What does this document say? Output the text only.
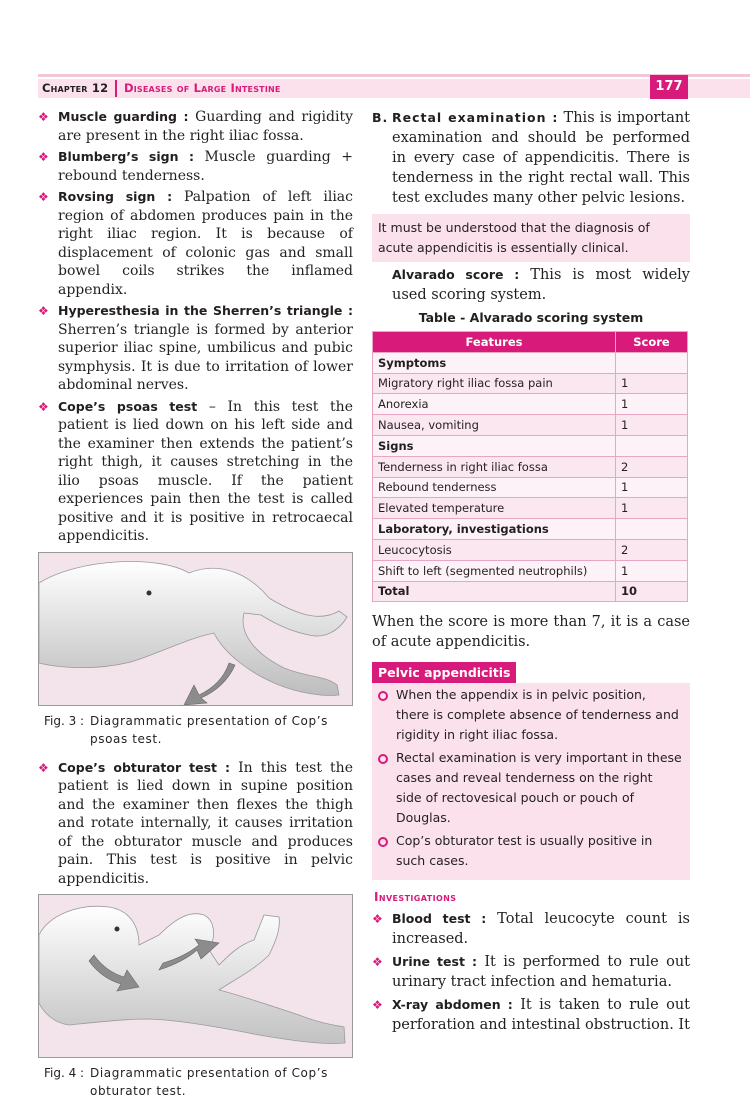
Chapter 12 Diseases of Large Intestine	177
❖ Muscle guarding : Guarding and rigidity are present in the right iliac fossa.
❖ Blumberg’s sign : Muscle guarding + rebound tenderness.
❖ Rovsing sign : Palpation of left iliac region of abdomen produces pain in the right iliac region. It is because of displacement of colonic gas and small bowel coils strikes the inflamed appendix.
❖ Hyperesthesia in the Sherren’s triangle : Sherren’s triangle is formed by anterior superior iliac spine, umbilicus and pubic symphysis. It is due to irritation of lower abdominal nerves.
❖ Cope’s psoas test – In this test the patient is lied down on his left side and the examiner then extends the patient’s right thigh, it causes stretching in the ilio psoas muscle. If the patient experiences pain then the test is called positive and it is positive in retrocaecal appendicitis.
Fig. 3 : Diagrammatic presentation of Cop’s psoas test.
❖ Cope’s obturator test : In this test the patient is lied down in supine position and the examiner then flexes the thigh and rotate internally, it causes irritation of the obturator muscle and produces pain. This test is positive in pelvic appendicitis.
Fig. 4 : Diagrammatic presentation of Cop’s obturator test.
B. Rectal examination : This is important examination and should be performed in every case of appendicitis. There is tenderness in the right rectal wall. This test excludes many other pelvic lesions.
It must be understood that the diagnosis of acute appendicitis is essentially clinical.
Alvarado score : This is most widely used scoring system.
Table - Alvarado scoring system
Features	Score
Symptoms	
Migratory right iliac fossa pain	1
Anorexia	1
Nausea, vomiting	1
Signs	
Tenderness in right iliac fossa	2
Rebound tenderness	1
Elevated temperature	1
Laboratory, investigations	
Leucocytosis	2
Shift to left (segmented neutrophils)	1
Total	10
When the score is more than 7, it is a case of acute appendicitis.
Pelvic appendicitis
When the appendix is in pelvic position, there is complete absence of tenderness and rigidity in right iliac fossa.
Rectal examination is very important in these cases and reveal tenderness on the right side of rectovesical pouch or pouch of Douglas.
Cop’s obturator test is usually positive in such cases.
Investigations
❖ Blood test : Total leucocyte count is increased.
❖ Urine test : It is performed to rule out urinary tract infection and hematuria.
❖ X-ray abdomen : It is taken to rule out perforation and intestinal obstruction. It
